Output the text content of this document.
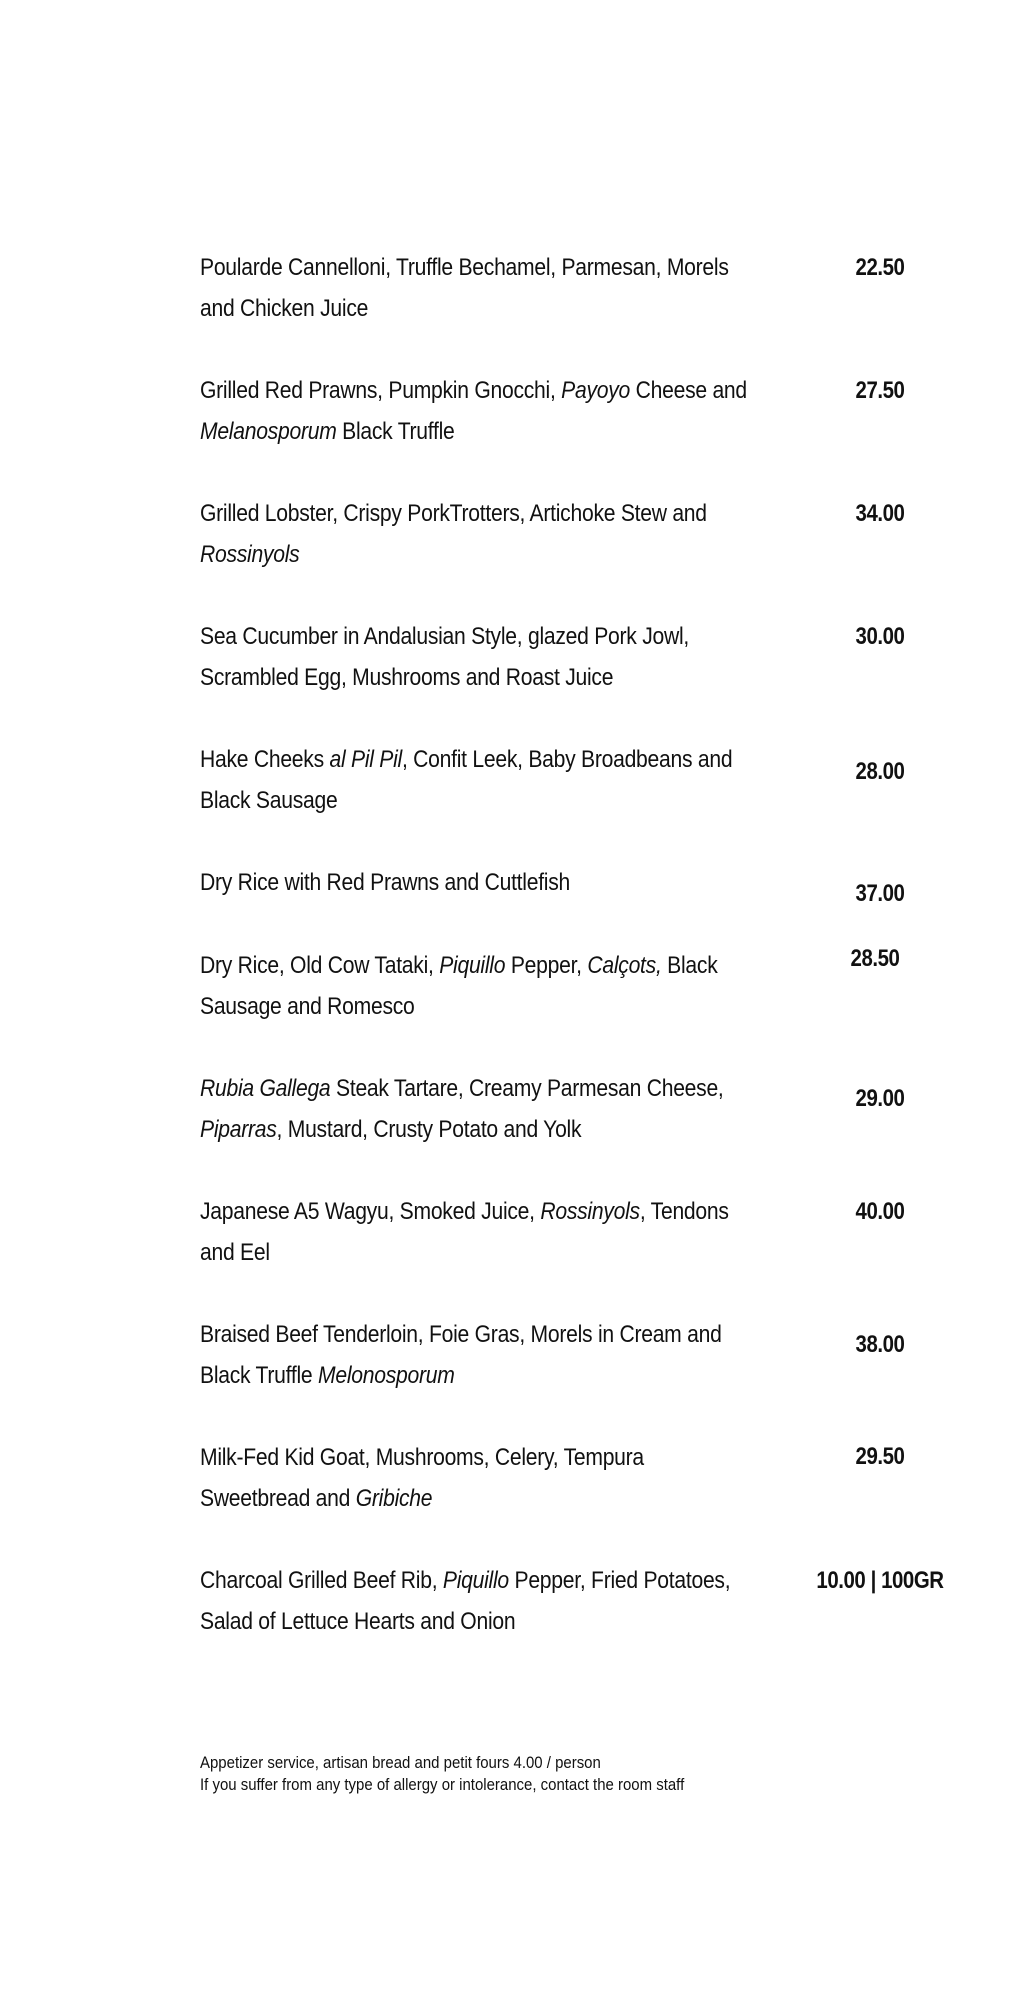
Poularde Cannelloni, Truffle Bechamel, Parmesan, Morels
and Chicken Juice
22.50
Grilled Red Prawns, Pumpkin Gnocchi, Payoyo Cheese and
Melanosporum Black Truffle
27.50
Grilled Lobster, Crispy PorkTrotters, Artichoke Stew and
Rossinyols
34.00
Sea Cucumber in Andalusian Style, glazed Pork Jowl,
Scrambled Egg, Mushrooms and Roast Juice
30.00
Hake Cheeks al Pil Pil, Confit Leek, Baby Broadbeans and
Black Sausage
28.00
Dry Rice with Red Prawns and Cuttlefish	37.00
Dry Rice, Old Cow Tataki, Piquillo Pepper, Calçots, Black
Sausage and Romesco
28.50
Rubia Gallega Steak Tartare, Creamy Parmesan Cheese,
Piparras, Mustard, Crusty Potato and Yolk
29.00
Japanese A5 Wagyu, Smoked Juice, Rossinyols, Tendons
and Eel
40.00
Braised Beef Tenderloin, Foie Gras, Morels in Cream and
Black Truffle Melonosporum
38.00
Milk-Fed Kid Goat, Mushrooms, Celery, Tempura
Sweetbread and Gribiche
29.50
Charcoal Grilled Beef Rib, Piquillo Pepper, Fried Potatoes,
Salad of Lettuce Hearts and Onion
10.00 | 100GR
Appetizer service, artisan bread and petit fours 4.00 / person
If you suffer from any type of allergy or intolerance, contact the room staff
